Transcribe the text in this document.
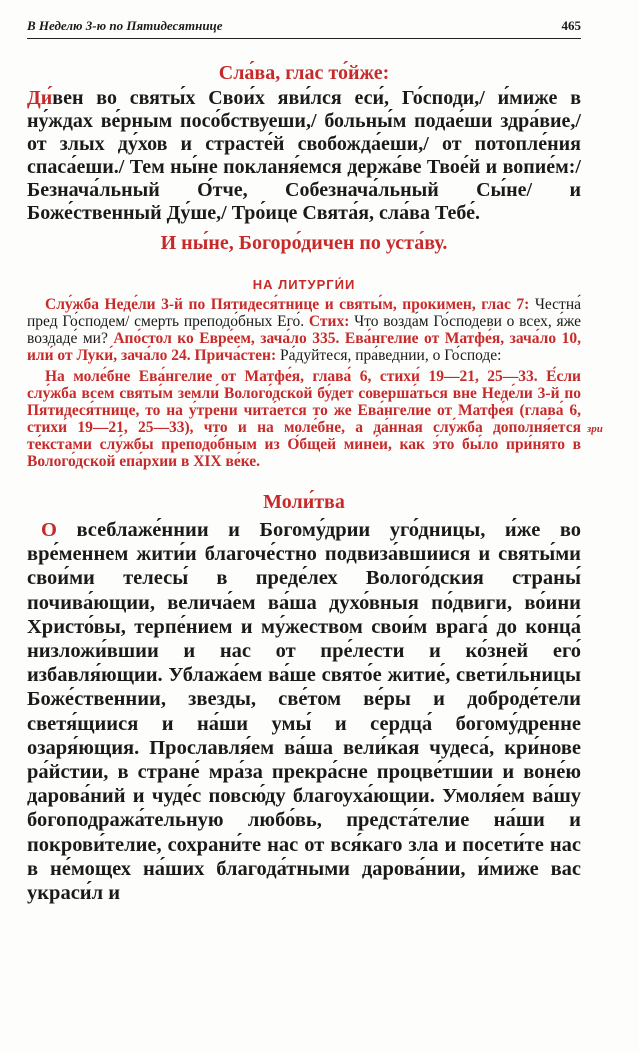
В Неделю 3-ю по Пятидесятнице	465

Сла́ва, глас то́йже:

Ди́вен во святы́х Свои́х яви́лся еси́, Го́споди,/ и́миже в ну́ждах ве́рным посо́бствуеши,/ больны́м подае́ши здра́вие,/ от злых ду́хов и страсте́й свобожда́еши,/ от потопле́ния спаса́еши./ Тем ны́не покланя́емся держа́ве Твое́й и вопие́м:/ Безнача́льный О́тче, Собезнача́льный Сы́не/ и Боже́ственный Ду́ше,/ Тро́ице Свята́я, сла́ва Тебе́.

И ны́не, Богоро́дичен по уста́ву.

НА ЛИТУРГИ́И

Слу́жба Неде́ли 3-й по Пятидеся́тнице и святы́м, прокимен, глас 7: Честна́ пред Го́сподем/ смерть преподо́бных Его́. Стих: Что возда́м Го́сподеви о всех, я́же воздаде́ ми? Апо́стол ко Евре́ем, зача́ло 335. Ева́нгелие от Матфе́я, зача́ло 10, или́ от Луки́, зача́ло 24. Прича́стен: Ра́дуйтеся, пра́веднии, о Го́споде:

На моле́бне Ева́нгелие от Матфе́я, глава́ 6, стихи́ 19—21, 25—33. Е́сли слу́жба всем святы́м земли́ Волого́дской бу́дет соверша́ться вне Неде́ли 3-й по Пятидеся́тнице, то на у́трени чита́ется то же Ева́нгелие от Матфе́я (глава́ 6, стихи́ 19—21, 25—33), что и на моле́бне, а да́нная слу́жба дополня́ется те́кстами слу́жбы преподо́бным из О́бщей мине́и, как э́то бы́ло при́нято в Волого́дской епа́рхии в XIX ве́ке.

Моли́тва

О всеблаже́ннии и Богому́дрии уго́дницы, и́же во вре́меннем жити́и благоче́стно подвиза́вшиися и святы́ми свои́ми телесы́ в преде́лех Волого́дския страны́ почива́ющии, велича́ем ва́ша духо́вныя по́двиги, во́ини Христо́вы, терпе́нием и му́жеством свои́м врага́ до конца́ низложи́вшии и нас от пре́лести и ко́зней его́ избавля́ющии. Ублажа́ем ва́ше свято́е житие́, свети́льницы Боже́ственнии, звезды, све́том ве́ры и доброде́тели светя́щиися и на́ши умы́ и сердца́ богому́дренне озаря́ющия. Прославля́ем ва́ша вели́кая чудеса́, кри́нове ра́йстии, в стране́ мра́за прекра́сне процве́тшии и воне́ю дарова́ний и чуде́с повсю́ду благоуха́ющии. Умоля́ем ва́шу богоподража́тельную любо́вь, предста́телие на́ши и покрови́телие, сохрани́те нас от вся́каго зла и посети́те нас в не́мощех на́ших благода́тными дарова́нии, и́миже вас украси́л и

зри
